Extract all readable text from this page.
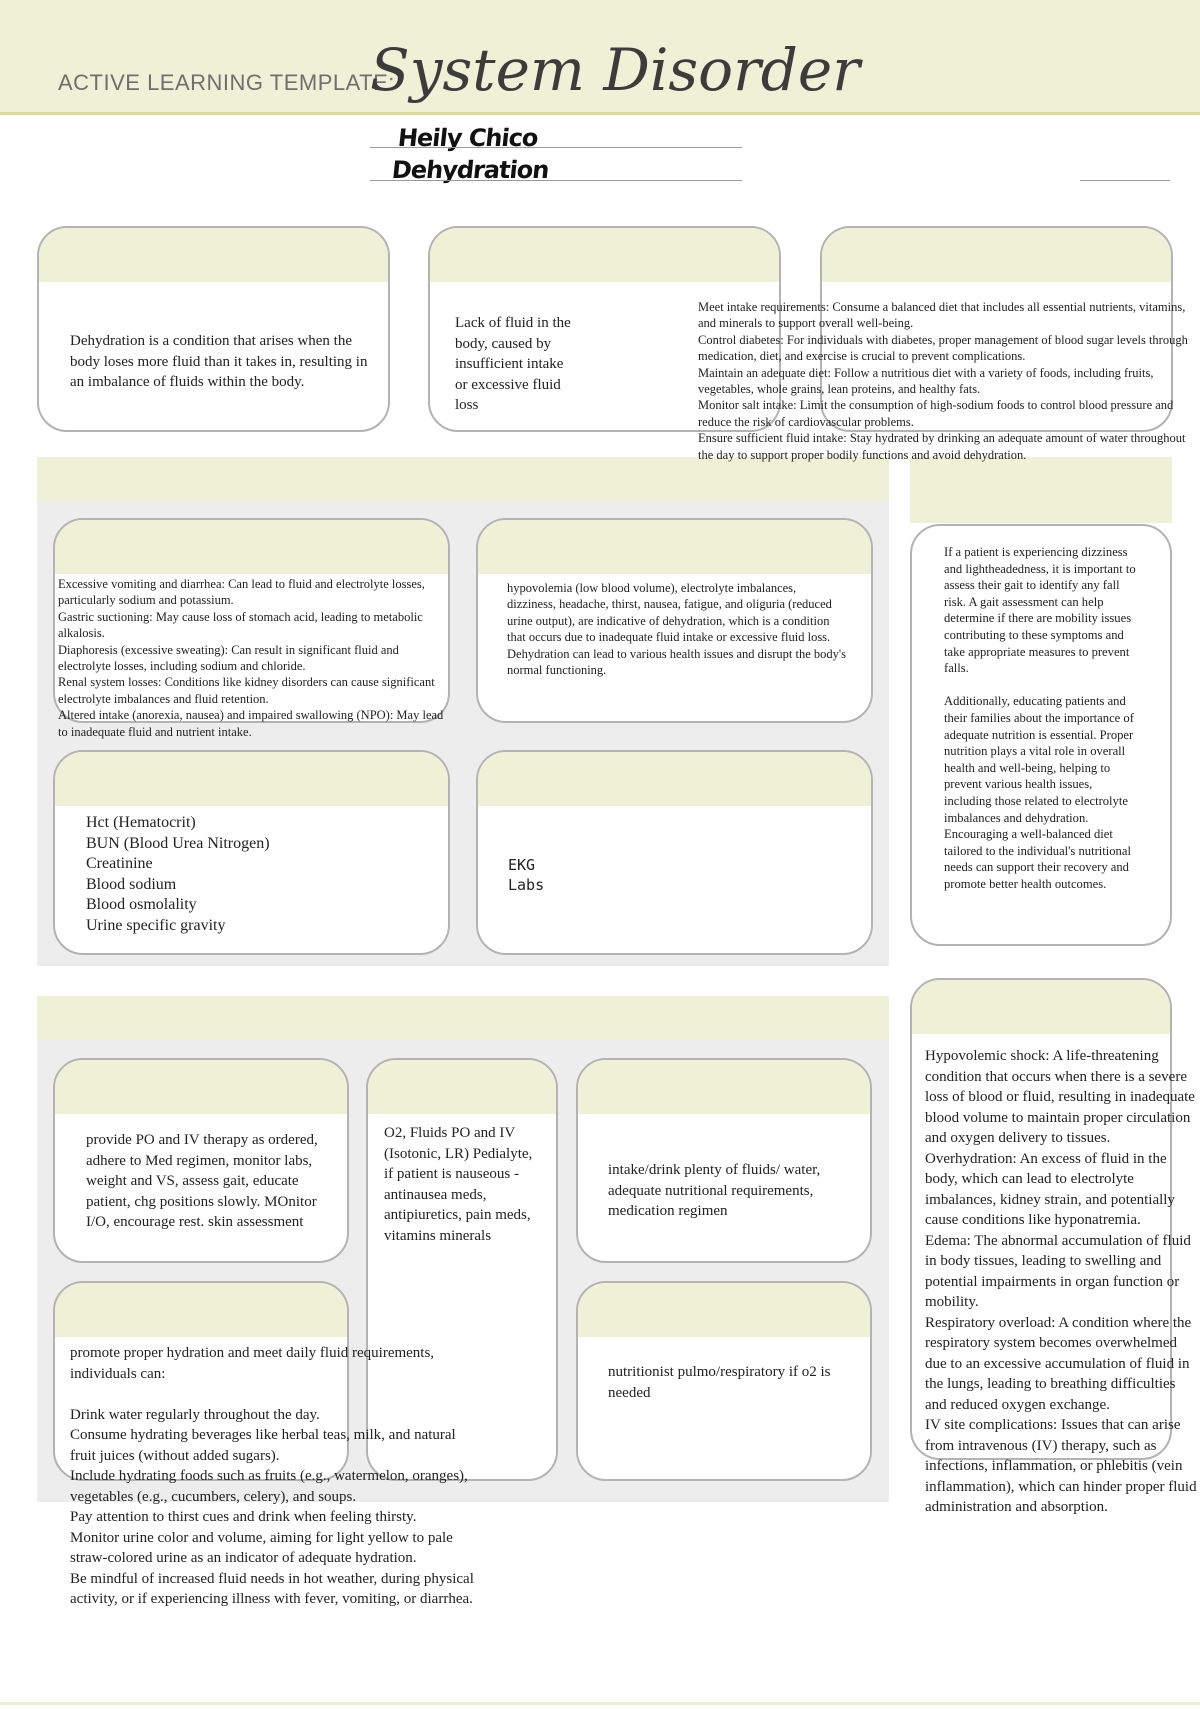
ACTIVE LEARNING TEMPLATE:
System Disorder
Heily Chico
Dehydration
Dehydration is a condition that arises when the body loses more fluid than it takes in, resulting in an imbalance of fluids within the body.
Lack of fluid in the
body, caused by
insufficient intake
or excessive fluid
loss
Excessive vomiting and diarrhea: Can lead to fluid and electrolyte losses, particularly sodium and potassium.
Gastric suctioning: May cause loss of stomach acid, leading to metabolic alkalosis.
Diaphoresis (excessive sweating): Can result in significant fluid and electrolyte losses, including sodium and chloride.
Renal system losses: Conditions like kidney disorders can cause significant electrolyte imbalances and fluid retention.
Altered intake (anorexia, nausea) and impaired swallowing (NPO): May lead to inadequate fluid and nutrient intake.
hypovolemia (low blood volume), electrolyte imbalances, dizziness, headache, thirst, nausea, fatigue, and oliguria (reduced urine output), are indicative of dehydration, which is a condition that occurs due to inadequate fluid intake or excessive fluid loss. Dehydration can lead to various health issues and disrupt the body's normal functioning.
Hct (Hematocrit)
BUN (Blood Urea Nitrogen)
Creatinine
Blood sodium
Blood osmolality
Urine specific gravity
EKG
Labs
If a patient is experiencing dizziness and lightheadedness, it is important to assess their gait to identify any fall risk. A gait assessment can help determine if there are mobility issues contributing to these symptoms and take appropriate measures to prevent falls.

Additionally, educating patients and their families about the importance of adequate nutrition is essential. Proper nutrition plays a vital role in overall health and well-being, helping to prevent various health issues, including those related to electrolyte imbalances and dehydration. Encouraging a well-balanced diet tailored to the individual's nutritional needs can support their recovery and promote better health outcomes.
Meet intake requirements: Consume a balanced diet that includes all essential nutrients, vitamins, and minerals to support overall well-being.
Control diabetes: For individuals with diabetes, proper management of blood sugar levels through medication, diet, and exercise is crucial to prevent complications.
Maintain an adequate diet: Follow a nutritious diet with a variety of foods, including fruits, vegetables, whole grains, lean proteins, and healthy fats.
Monitor salt intake: Limit the consumption of high-sodium foods to control blood pressure and reduce the risk of cardiovascular problems.
Ensure sufficient fluid intake: Stay hydrated by drinking an adequate amount of water throughout the day to support proper bodily functions and avoid dehydration.
provide PO and IV therapy as ordered, adhere to Med regimen, monitor labs, weight and VS, assess gait, educate patient, chg positions slowly. MOnitor I/O, encourage rest. skin assessment
O2, Fluids PO and IV (Isotonic, LR) Pedialyte, if patient is nauseous - antinausea meds, antipiuretics, pain meds, vitamins minerals
intake/drink plenty of fluids/ water, adequate nutritional requirements, medication regimen
nutritionist pulmo/respiratory if o2 is needed
promote proper hydration and meet daily fluid requirements, individuals can:

Drink water regularly throughout the day.
Consume hydrating beverages like herbal teas, milk, and natural fruit juices (without added sugars).
Include hydrating foods such as fruits (e.g., watermelon, oranges), vegetables (e.g., cucumbers, celery), and soups.
Pay attention to thirst cues and drink when feeling thirsty.
Monitor urine color and volume, aiming for light yellow to pale straw-colored urine as an indicator of adequate hydration.
Be mindful of increased fluid needs in hot weather, during physical activity, or if experiencing illness with fever, vomiting, or diarrhea.
Hypovolemic shock: A life-threatening condition that occurs when there is a severe loss of blood or fluid, resulting in inadequate blood volume to maintain proper circulation and oxygen delivery to tissues.
Overhydration: An excess of fluid in the body, which can lead to electrolyte imbalances, kidney strain, and potentially cause conditions like hyponatremia.
Edema: The abnormal accumulation of fluid in body tissues, leading to swelling and potential impairments in organ function or mobility.
Respiratory overload: A condition where the respiratory system becomes overwhelmed due to an excessive accumulation of fluid in the lungs, leading to breathing difficulties and reduced oxygen exchange.
IV site complications: Issues that can arise from intravenous (IV) therapy, such as infections, inflammation, or phlebitis (vein inflammation), which can hinder proper fluid administration and absorption.
